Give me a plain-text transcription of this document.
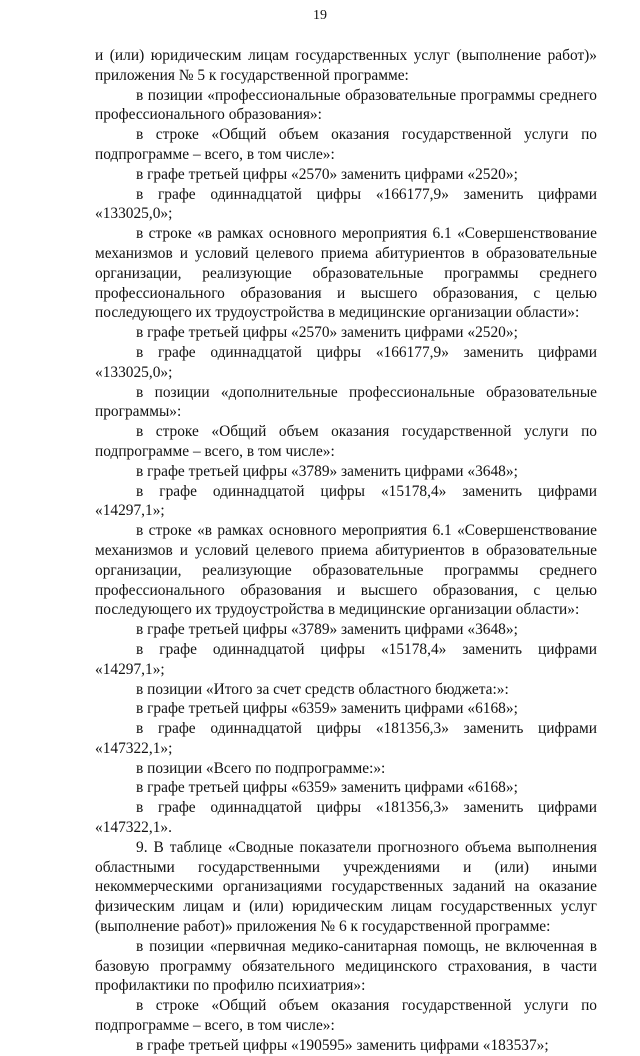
19

и (или) юридическим лицам государственных услуг (выполнение работ)» приложения № 5 к государственной программе:

в позиции «профессиональные образовательные программы среднего профессионального образования»:

в строке «Общий объем оказания государственной услуги по подпрограмме – всего, в том числе»:

в графе третьей цифры «2570» заменить цифрами «2520»;

в графе одиннадцатой цифры «166177,9» заменить цифрами «133025,0»;

в строке «в рамках основного мероприятия 6.1 «Совершенствование механизмов и условий целевого приема абитуриентов в образовательные организации, реализующие образовательные программы среднего профессионального образования и высшего образования, с целью последующего их трудоустройства в медицинские организации области»:

в графе третьей цифры «2570» заменить цифрами «2520»;

в графе одиннадцатой цифры «166177,9» заменить цифрами «133025,0»;

в позиции «дополнительные профессиональные образовательные программы»:

в строке «Общий объем оказания государственной услуги по подпрограмме – всего, в том числе»:

в графе третьей цифры «3789» заменить цифрами «3648»;

в графе одиннадцатой цифры «15178,4» заменить цифрами «14297,1»;

в строке «в рамках основного мероприятия 6.1 «Совершенствование механизмов и условий целевого приема абитуриентов в образовательные организации, реализующие образовательные программы среднего профессионального образования и высшего образования, с целью последующего их трудоустройства в медицинские организации области»:

в графе третьей цифры «3789» заменить цифрами «3648»;

в графе одиннадцатой цифры «15178,4» заменить цифрами «14297,1»;

в позиции «Итого за счет средств областного бюджета:»:

в графе третьей цифры «6359» заменить цифрами «6168»;

в графе одиннадцатой цифры «181356,3» заменить цифрами «147322,1»;

в позиции «Всего по подпрограмме:»:

в графе третьей цифры «6359» заменить цифрами «6168»;

в графе одиннадцатой цифры «181356,3» заменить цифрами «147322,1».

9. В таблице «Сводные показатели прогнозного объема выполнения областными государственными учреждениями и (или) иными некоммерческими организациями государственных заданий на оказание физическим лицам и (или) юридическим лицам государственных услуг (выполнение работ)» приложения № 6 к государственной программе:

в позиции «первичная медико-санитарная помощь, не включенная в базовую программу обязательного медицинского страхования, в части профилактики по профилю психиатрия»:

в строке «Общий объем оказания государственной услуги по подпрограмме – всего, в том числе»:

в графе третьей цифры «190595» заменить цифрами «183537»;
